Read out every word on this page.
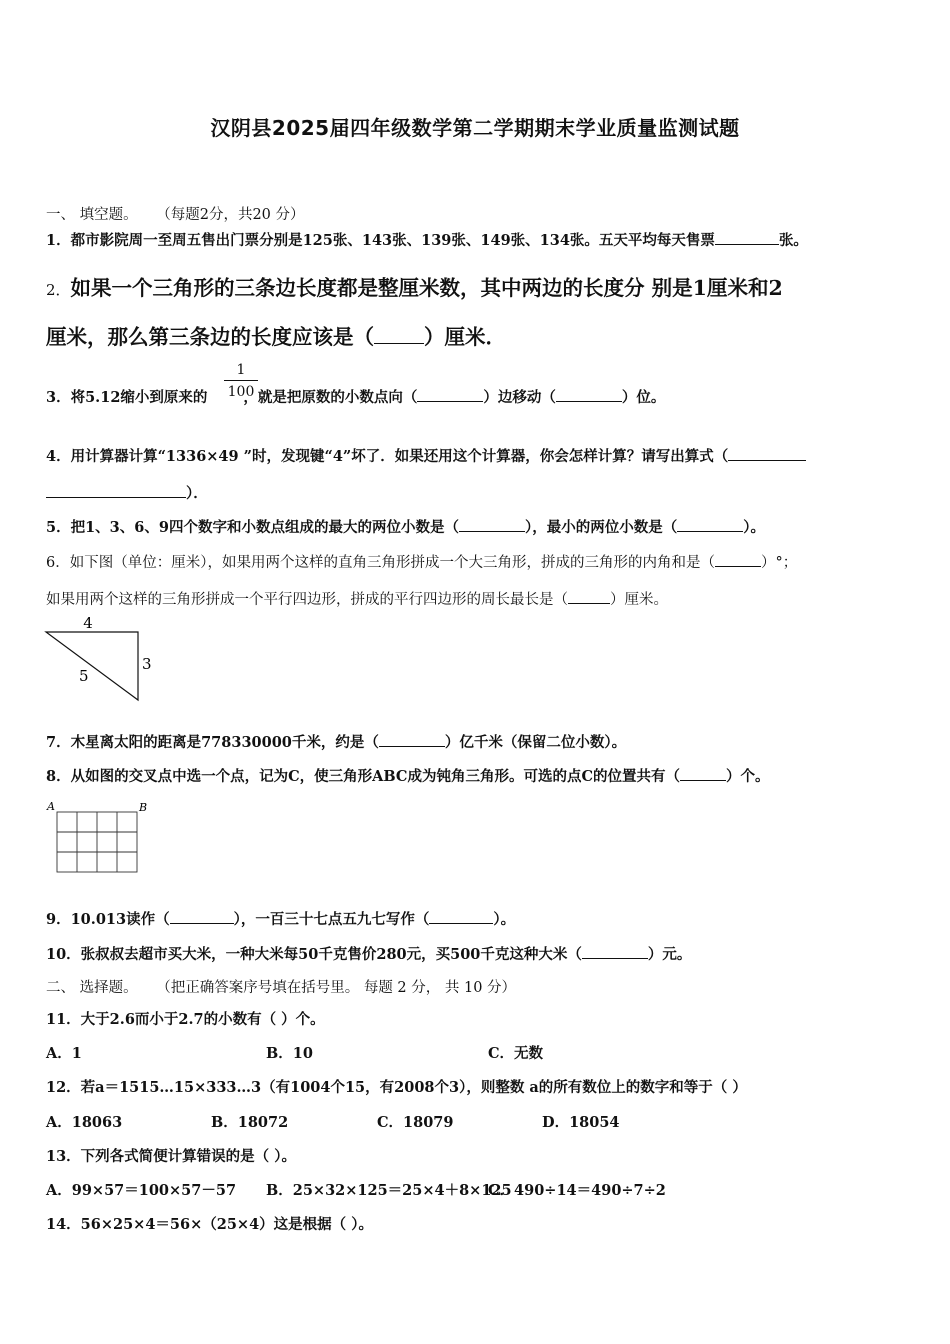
汉阴县2025届四年级数学第二学期期末学业质量监测试题
一、 填空题。 （每题2分，共20 分）
1．都市影院周一至周五售出门票分别是125张、143张、139张、149张、134张。五天平均每天售票	张。
2．如果一个三角形的三条边长度都是整厘米数，其中两边的长度分 别是1厘米和2
厘米，那么第三条边的长度应该是（ ）厘米．
3．将5.12缩小到原来的 ，就是把原数的小数点向（	）边移动（	）位。
$\frac{1}{100}$
4．用计算器计算“1336×49 ”时，发现键“4”坏了．如果还用这个计算器，你会怎样计算？请写出算式（
）．
5．把1、3、6、9四个数字和小数点组成的最大的两位小数是（	），最小的两位小数是（	）。
6．如下图（单位：厘米），如果用两个这样的直角三角形拼成一个大三角形，拼成的三角形的内角和是（	）°；
如果用两个这样的三角形拼成一个平行四边形，拼成的平行四边形的周长最长是（	）厘米。
4
3
5
7．木星离太阳的距离是778330000千米，约是（	）亿千米（保留二位小数）。
8．从如图的交叉点中选一个点，记为C，使三角形ABC成为钝角三角形。可选的点C的位置共有（	）个。
A	B
9．10.013读作（	），一百三十七点五九七写作（	）。
10．张叔叔去超市买大米，一种大米每50千克售价280元，买500千克这种大米（	）元。
二、 选择题。 （把正确答案序号填在括号里。 每题 2 分， 共 10 分）
11．大于2.6而小于2.7的小数有（ ）个。
A．1	B．10	C．无数
12．若a＝1515…15×333…3（有1004个15，有2008个3），则整数 a的所有数位上的数字和等于（ ）
A．18063	B．18072	C．18079	D．18054
13．下列各式简便计算错误的是（ ）。
A．99×57＝100×57－57 B．25×32×125＝25×4＋8×125
C．490÷14＝490÷7÷2
14．56×25×4＝56×（25×4）这是根据（ ）。
